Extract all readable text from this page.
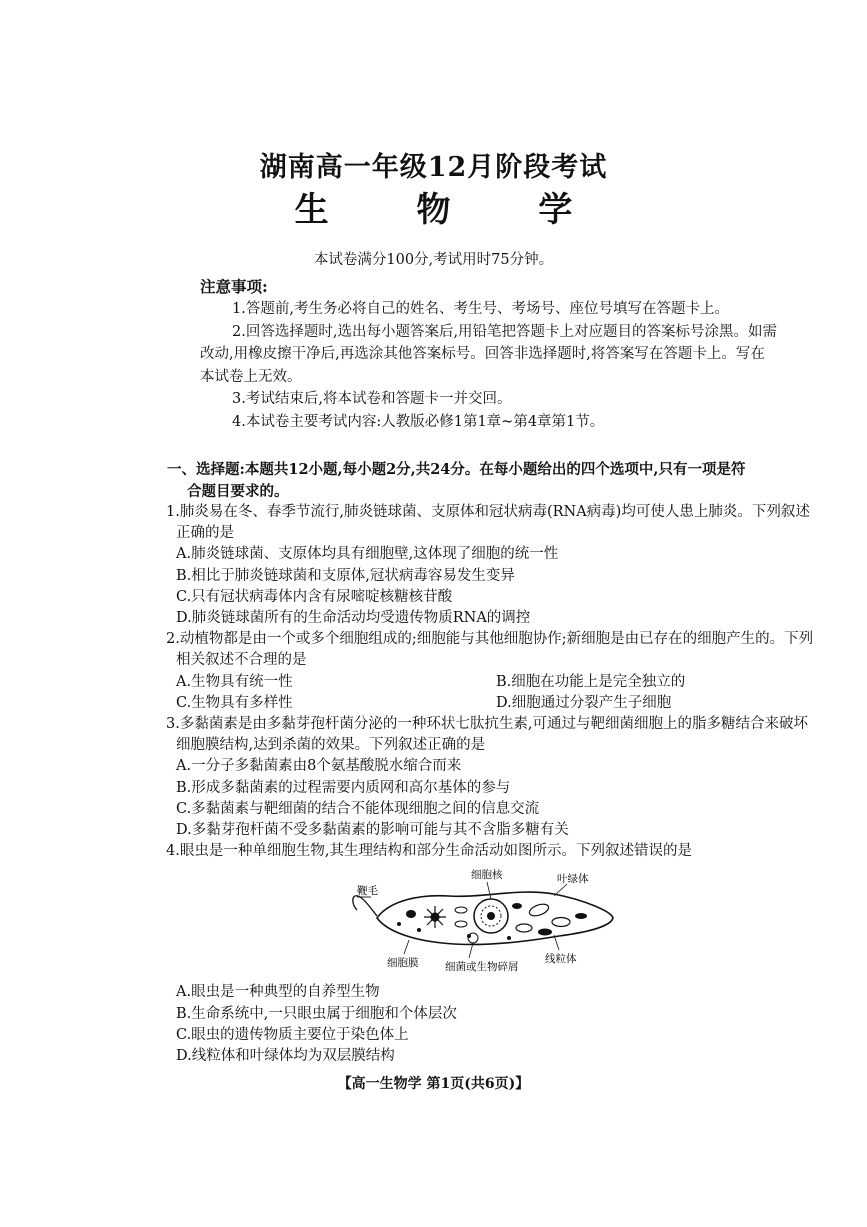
湖南高一年级12月阶段考试
生 物 学
本试卷满分100分,考试用时75分钟。
注意事项:

1.答题前,考生务必将自己的姓名、考生号、考场号、座位号填写在答题卡上。

2.回答选择题时,选出每小题答案后,用铅笔把答题卡上对应题目的答案标号涂黑。如需改动,用橡皮擦干净后,再选涂其他答案标号。回答非选择题时,将答案写在答题卡上。写在本试卷上无效。

3.考试结束后,将本试卷和答题卡一并交回。

4.本试卷主要考试内容:人教版必修1第1章~第4章第1节。

一、选择题:本题共12小题,每小题2分,共24分。在每小题给出的四个选项中,只有一项是符
合题目要求的。
1.肺炎易在冬、春季节流行,肺炎链球菌、支原体和冠状病毒(RNA病毒)均可使人患上肺炎。下列叙述正确的是
A.肺炎链球菌、支原体均具有细胞壁,这体现了细胞的统一性
B.相比于肺炎链球菌和支原体,冠状病毒容易发生变异
C.只有冠状病毒体内含有尿嘧啶核糖核苷酸
D.肺炎链球菌所有的生命活动均受遗传物质RNA的调控
2.动植物都是由一个或多个细胞组成的;细胞能与其他细胞协作;新细胞是由已存在的细胞产生的。下列相关叙述不合理的是
A.生物具有统一性	B.细胞在功能上是完全独立的
C.生物具有多样性	D.细胞通过分裂产生子细胞
3.多黏菌素是由多黏芽孢杆菌分泌的一种环状七肽抗生素,可通过与靶细菌细胞上的脂多糖结合来破坏细胞膜结构,达到杀菌的效果。下列叙述正确的是
A.一分子多黏菌素由8个氨基酸脱水缩合而来
B.形成多黏菌素的过程需要内质网和高尔基体的参与
C.多黏菌素与靶细菌的结合不能体现细胞之间的信息交流
D.多黏芽孢杆菌不受多黏菌素的影响可能与其不含脂多糖有关
4.眼虫是一种单细胞生物,其生理结构和部分生命活动如图所示。下列叙述错误的是
鞭毛
细胞核	叶绿体
线粒体
细胞膜	细菌或生物碎屑
A.眼虫是一种典型的自养型生物
B.生命系统中,一只眼虫属于细胞和个体层次
C.眼虫的遗传物质主要位于染色体上
D.线粒体和叶绿体均为双层膜结构
【高一生物学 第1页(共6页)】
